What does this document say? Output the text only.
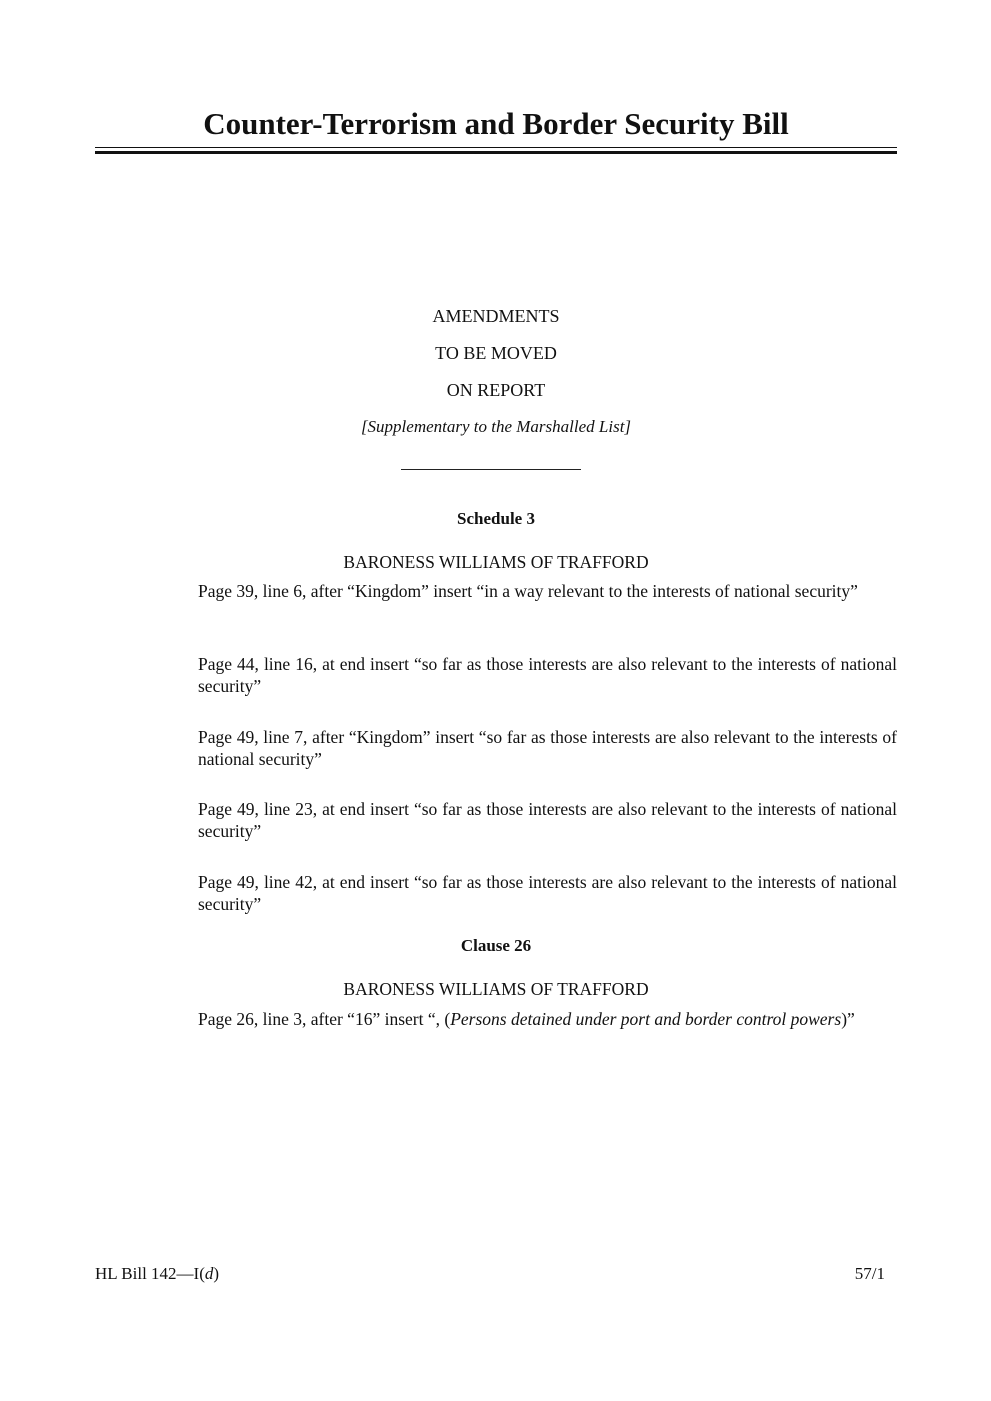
Counter-Terrorism and Border Security Bill
AMENDMENTS
TO BE MOVED
ON REPORT
[Supplementary to the Marshalled List]
Schedule 3
BARONESS WILLIAMS OF TRAFFORD
Page 39, line 6, after “Kingdom” insert “in a way relevant to the interests of national security”
Page 44, line 16, at end insert “so far as those interests are also relevant to the interests of national security”
Page 49, line 7, after “Kingdom” insert “so far as those interests are also relevant to the interests of national security”
Page 49, line 23, at end insert “so far as those interests are also relevant to the interests of national security”
Page 49, line 42, at end insert “so far as those interests are also relevant to the interests of national security”
Clause 26
BARONESS WILLIAMS OF TRAFFORD
Page 26, line 3, after “16” insert “, (Persons detained under port and border control powers)”
HL Bill 142—I(d)	57/1
